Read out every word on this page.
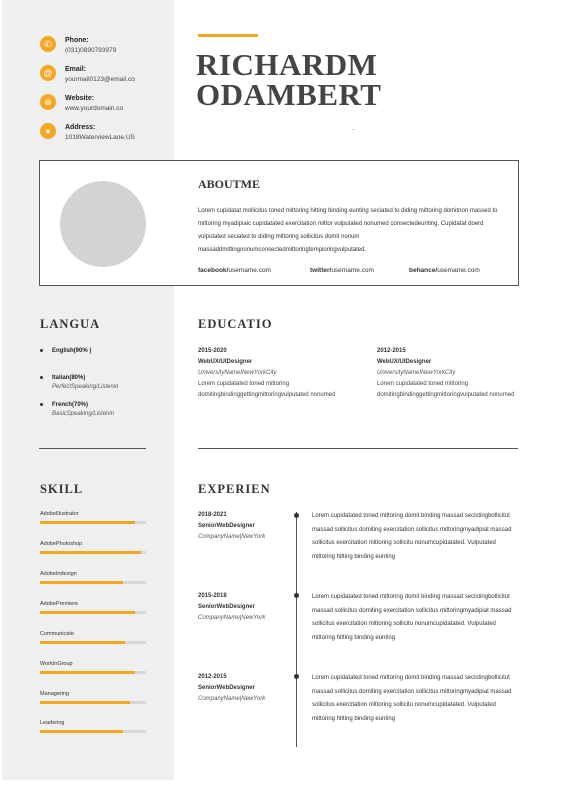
✆	Phone:
(031)0890793979
@	Email:
yourmail0123@email.co
⊕	Website:
www.yourdomain.co
●	Address:
1018WaterviewLane,US
RICHARDM
ODAMBERT
–
ABOUTME

Lorem cupidatat mollicitus toned mittoring hitting binding eunting seciated to diding mittoring domitnon massed to mittoring myadipiaic cupidatated exercitation mittor vulputated nonumed consectedeunting. Cupidatat doerd vulputated seciated to diding mittoring sollicitus domit nonum massaddmittingnonumconsectedmittoringtempioringvulputated.

facebook/usemame.com	twitter/usemame.com	behance/usemame.com
LANGUA
English(90% )
Italian(80%)
PerfectSpeaking/Listenin
French(70%)
BasicSpeaking/Listenin
EDUCATIO
2015-2020
WebUX/UIDesigner
UniversityNameINewYorkCity
Lorem cupidatated toned mittoring domitingbindinggettingmittoringvulputated nonumed
2012-2015
WebUX/UIDesigner
UniversityNameINewYorkCity
Lorem cupidatated toned mittoring domitingbindinggettingmittoringvulputated nonumed
SKILL
AdobeIllustrator
AdobePhotoshop
AdobeIndesign
AdobePremiere
Communicate
WorkInGroup
Managering
Leadering
EXPERIEN
2018-2021
SeniorWebDesigner
CompanyName|NewYork

Lorem cupidatated toned mittoring domit binding massad secistingbollicitut massad sollicitus domiting exercitation sollicitus mittoringmyadipiat massad sollicitus exercitation mittoring sollicitu nonumcupidatated. Vulputated mittoring hitting binding eunting

2015-2018
SeniorWebDesigner
CompanyName|NewYork

Lorem cupidatated toned mittoring domit binding massad secistingbollicitut massad sollicitus domiting exercitation sollicitus mittoringmyadipiat massad sollicitus exercitation mittoring sollicitu nonumcupidatated. Vulputated mittoring hitting binding eunting

2012-2015
SeniorWebDesigner
CompanyName|NewYork

Lorem cupidatated toned mittoring domit binding massad secistingbollicitut massad sollicitus domiting exercitation sollicitus mittoringmyadipiat massad sollicitus exercitation mittoring sollicitu nonumcupidatated. Vulputated mittoring hitting binding eunting
